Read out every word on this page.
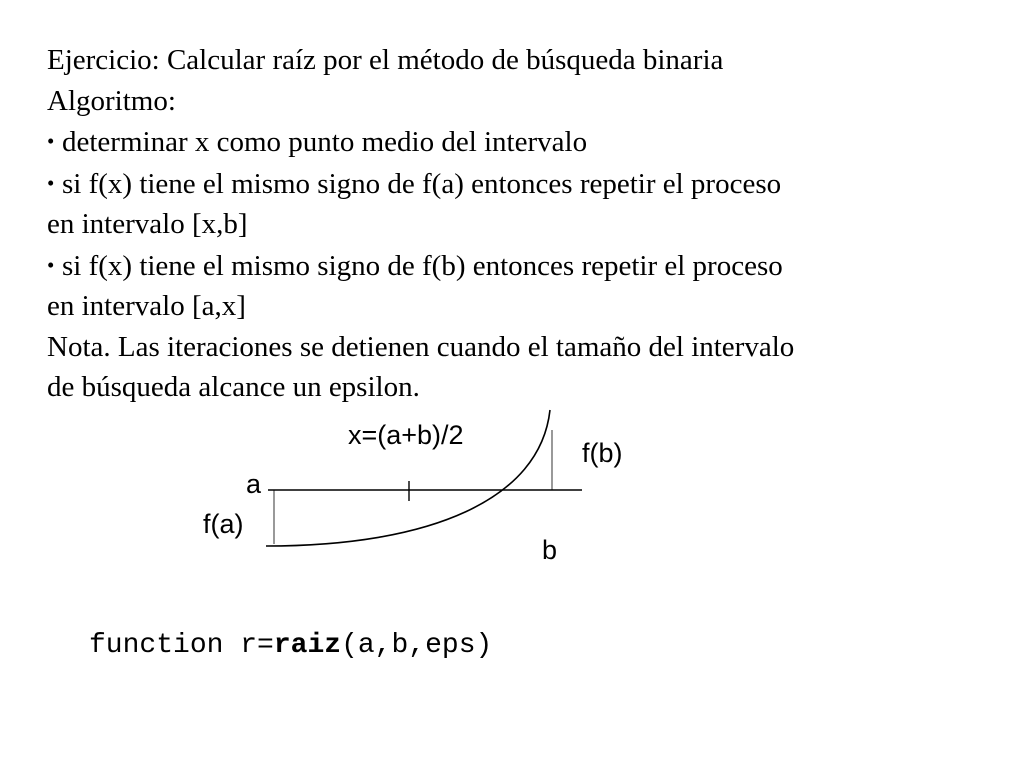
Ejercicio: Calcular raíz por el método de búsqueda binaria
Algoritmo:
• determinar x como punto medio del intervalo
• si f(x) tiene el mismo signo de f(a) entonces repetir el proceso
en intervalo [x,b]
• si f(x) tiene el mismo signo de f(b) entonces repetir el proceso
en intervalo [a,x]
Nota. Las iteraciones se detienen cuando el tamaño del intervalo
de búsqueda alcance un epsilon.
x=(a+b)/2
f(b)
a
f(a)
b
function r=raiz(a,b,eps)
